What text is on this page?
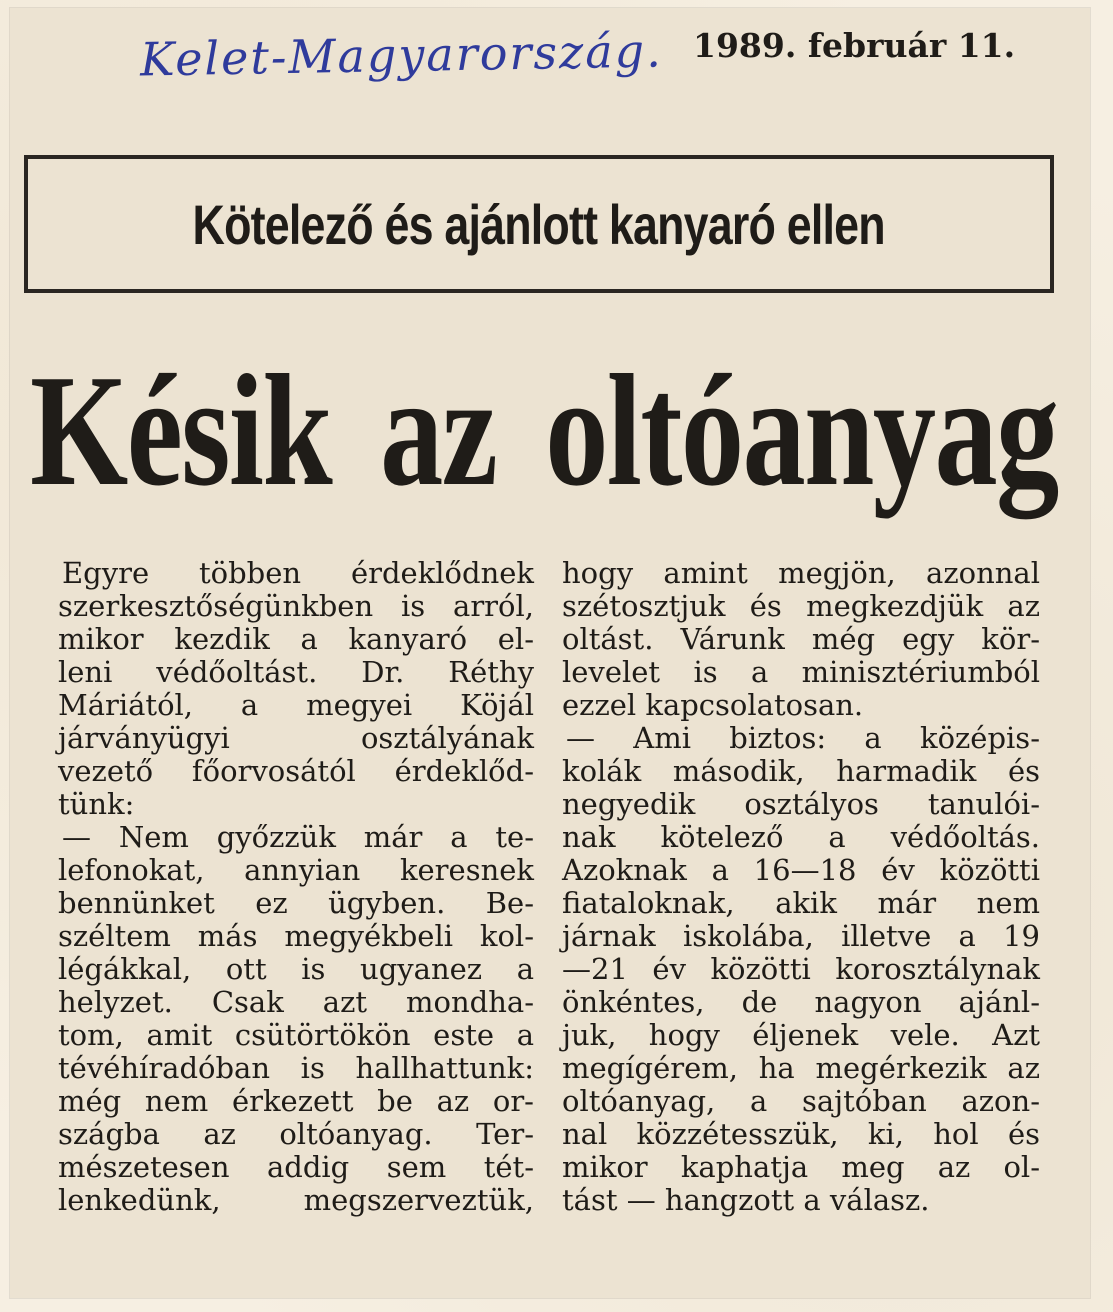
Kelet-Magyarország. 1989. február 11.
Kötelező és ajánlott kanyaró ellen
Késik az oltóanyag
Egyre többen érdeklődnek
szerkesztőségünkben is arról,
mikor kezdik a kanyaró el-
leni védőoltást. Dr. Réthy
Máriától, a megyei Köjál
járványügyi osztályának
vezető főorvosától érdeklőd-
tünk:
— Nem győzzük már a te-
lefonokat, annyian keresnek
bennünket ez ügyben. Be-
széltem más megyékbeli kol-
légákkal, ott is ugyanez a
helyzet. Csak azt mondha-
tom, amit csütörtökön este a
tévéhíradóban is hallhattunk:
még nem érkezett be az or-
szágba az oltóanyag. Ter-
mészetesen addig sem tét-
lenkedünk, megszerveztük,
hogy amint megjön, azonnal
szétosztjuk és megkezdjük az
oltást. Várunk még egy kör-
levelet is a minisztériumból
ezzel kapcsolatosan.
— Ami biztos: a középis-
kolák második, harmadik és
negyedik osztályos tanulói-
nak kötelező a védőoltás.
Azoknak a 16—18 év közötti
fiataloknak, akik már nem
járnak iskolába, illetve a 19
—21 év közötti korosztálynak
önkéntes, de nagyon ajánl-
juk, hogy éljenek vele. Azt
megígérem, ha megérkezik az
oltóanyag, a sajtóban azon-
nal közzétesszük, ki, hol és
mikor kaphatja meg az ol-
tást — hangzott a válasz.
